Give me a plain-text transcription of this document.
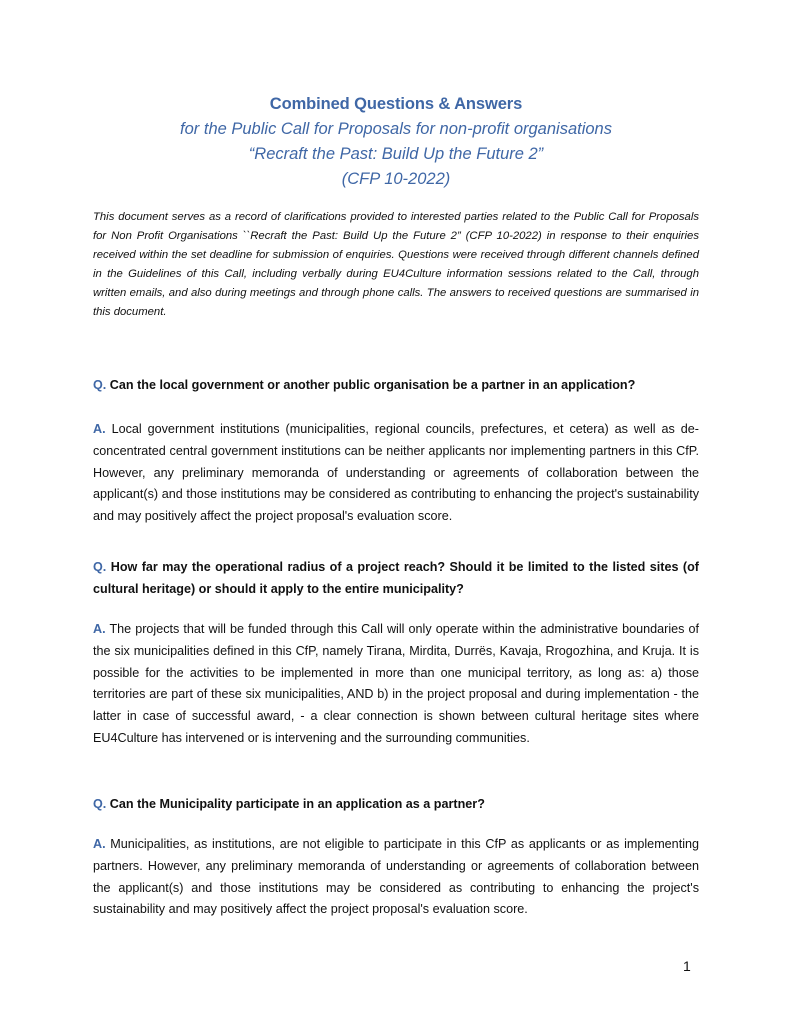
Combined Questions & Answers
for the Public Call for Proposals for non-profit organisations
“Recraft the Past: Build Up the Future 2”
(CFP 10-2022)
This document serves as a record of clarifications provided to interested parties related to the Public Call for Proposals for Non Profit Organisations ``Recraft the Past: Build Up the Future 2” (CFP 10-2022) in response to their enquiries received within the set deadline for submission of enquiries. Questions were received through different channels defined in the Guidelines of this Call, including verbally during EU4Culture information sessions related to the Call, through written emails, and also during meetings and through phone calls. The answers to received questions are summarised in this document.
Q. Can the local government or another public organisation be a partner in an application?
A. Local government institutions (municipalities, regional councils, prefectures, et cetera) as well as de-concentrated central government institutions can be neither applicants nor implementing partners in this CfP. However, any preliminary memoranda of understanding or agreements of collaboration between the applicant(s) and those institutions may be considered as contributing to enhancing the project's sustainability and may positively affect the project proposal's evaluation score.
Q. How far may the operational radius of a project reach? Should it be limited to the listed sites (of cultural heritage) or should it apply to the entire municipality?
A. The projects that will be funded through this Call will only operate within the administrative boundaries of the six municipalities defined in this CfP, namely Tirana, Mirdita, Durrës, Kavaja, Rrogozhina, and Kruja. It is possible for the activities to be implemented in more than one municipal territory, as long as: a) those territories are part of these six municipalities, AND b) in the project proposal and during implementation - the latter in case of successful award, - a clear connection is shown between cultural heritage sites where EU4Culture has intervened or is intervening and the surrounding communities.
Q. Can the Municipality participate in an application as a partner?
A. Municipalities, as institutions, are not eligible to participate in this CfP as applicants or as implementing partners. However, any preliminary memoranda of understanding or agreements of collaboration between the applicant(s) and those institutions may be considered as contributing to enhancing the project's sustainability and may positively affect the project proposal's evaluation score.
1
